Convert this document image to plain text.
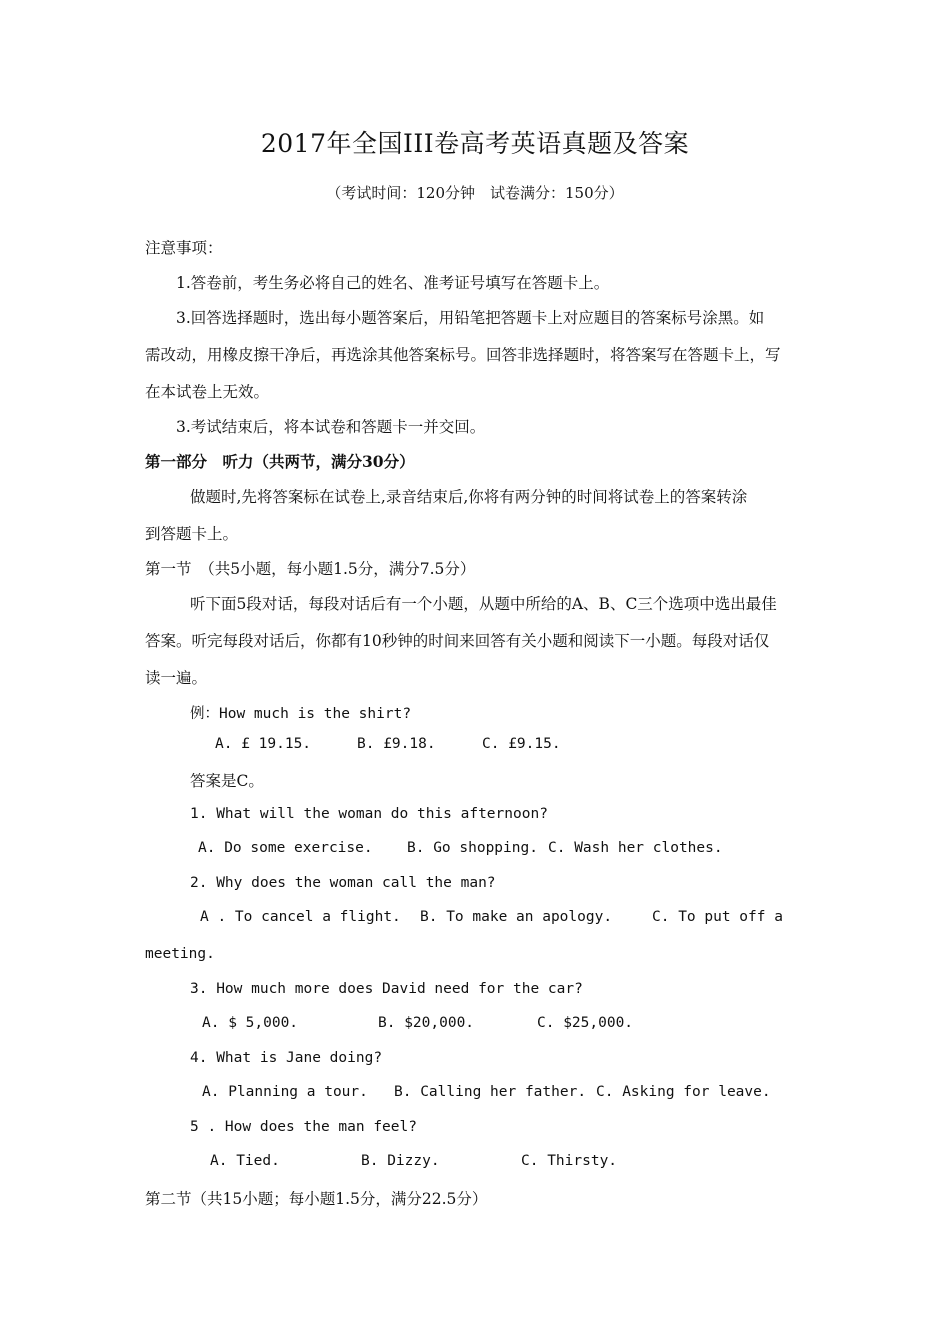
2017年全国III卷高考英语真题及答案
（考试时间：120分钟　试卷满分：150分）
注意事项：
1.答卷前，考生务必将自己的姓名、准考证号填写在答题卡上。
3.回答选择题时，选出每小题答案后，用铅笔把答题卡上对应题目的答案标号涂黑。如
需改动，用橡皮擦干净后，再选涂其他答案标号。回答非选择题时，将答案写在答题卡上，写
在本试卷上无效。
3.考试结束后，将本试卷和答题卡一并交回。
第一部分　听力（共两节，满分30分）
做题时,先将答案标在试卷上,录音结束后,你将有两分钟的时间将试卷上的答案转涂
到答题卡上。
第一节　（共5小题，每小题1.5分，满分7.5分）
听下面5段对话，每段对话后有一个小题，从题中所给的A、B、C三个选项中选出最佳
答案。听完每段对话后，你都有10秒钟的时间来回答有关小题和阅读下一小题。每段对话仅
读一遍。
例：How much is the shirt?
A. £ 19.15.	B. £9.18.	C. £9.15.
答案是C。
1. What will the woman do this afternoon?
A. Do some exercise. B. Go shopping. C. Wash her clothes.
2. Why does the woman call the man?
A . To cancel a flight. B. To make an apology.	C. To put off a
meeting.
3. How much more does David need for the car?
A. $ 5,000.	B. $20,000.	C. $25,000.
4. What is Jane doing?
A. Planning a tour. B. Calling her father. C. Asking for leave.
5 . How does the man feel?
A. Tied.	B. Dizzy.	C. Thirsty.
第二节（共15小题；每小题1.5分，满分22.5分）
